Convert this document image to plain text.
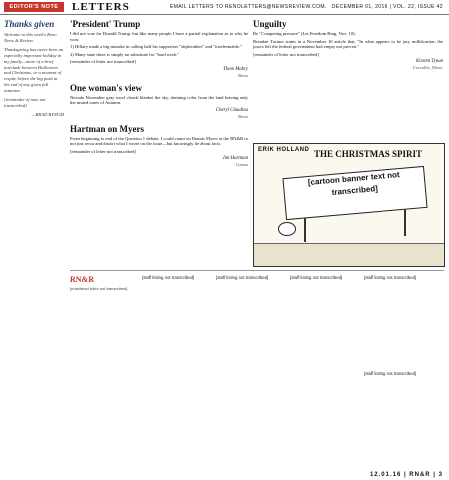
EDITOR'S NOTE	LETTERS	EMAIL LETTERS TO RENOLETTERS@NEWSREVIEW.COM. DECEMBER 01, 2016 | VOL. 22, ISSUE 42
Thanks given

Welcome to this week's Reno News & Review.

Thanksgiving has never been an especially important holiday in my family—more of a brief interlude between Halloween and Christmas, or a moment of respite before the big push at the end of any given fall semester.

[remainder of note not transcribed]

—BRAD BYNUM
'President' Trump

I did not vote for Donald Trump, but like many people I have a partial explanation as to why he won:

1) Hillary made a big mistake in calling half his supporters "deplorables" and "irredeemable."

2) Many state there is simply no substitute for "hard work."

[remainder of letter not transcribed]

Thom Mabry
Reno
One woman's view

Nevada November gray wool clouds blanket the sky, draining color from the land leaving only the muted tones of Autumn.

Cheryl Claudina
Reno
Hartman on Myers

From beginning to end of the Question 1 debate, I could count on Dennis Myers at the RN&R to not just recur and distort what I wrote on the issue—but knowingly lie about facts.

[remainder of letter not transcribed]

Jim Hartman
Genoa
Unguilty

Re "Competing pressure" (Let Freedom Ring, Nov. 10):

Brendan Trainor states in a November 10 article that, "In what appears to be jury nullification, the jurors left the federal government bad empty not proven."

[remainder of letter not transcribed]

Kirsten Tynan
Corvallis, Mont.
ERIK HOLLAND THE CHRISTMAS SPIRIT
[cartoon banner text not transcribed]
RN&R
[masthead blurb not transcribed]

[staff listing not transcribed]	[staff listing not transcribed]	[staff listing not transcribed]	[staff listing not transcribed]

[staff listing not transcribed]

12.01.16 | RN&R | 3
